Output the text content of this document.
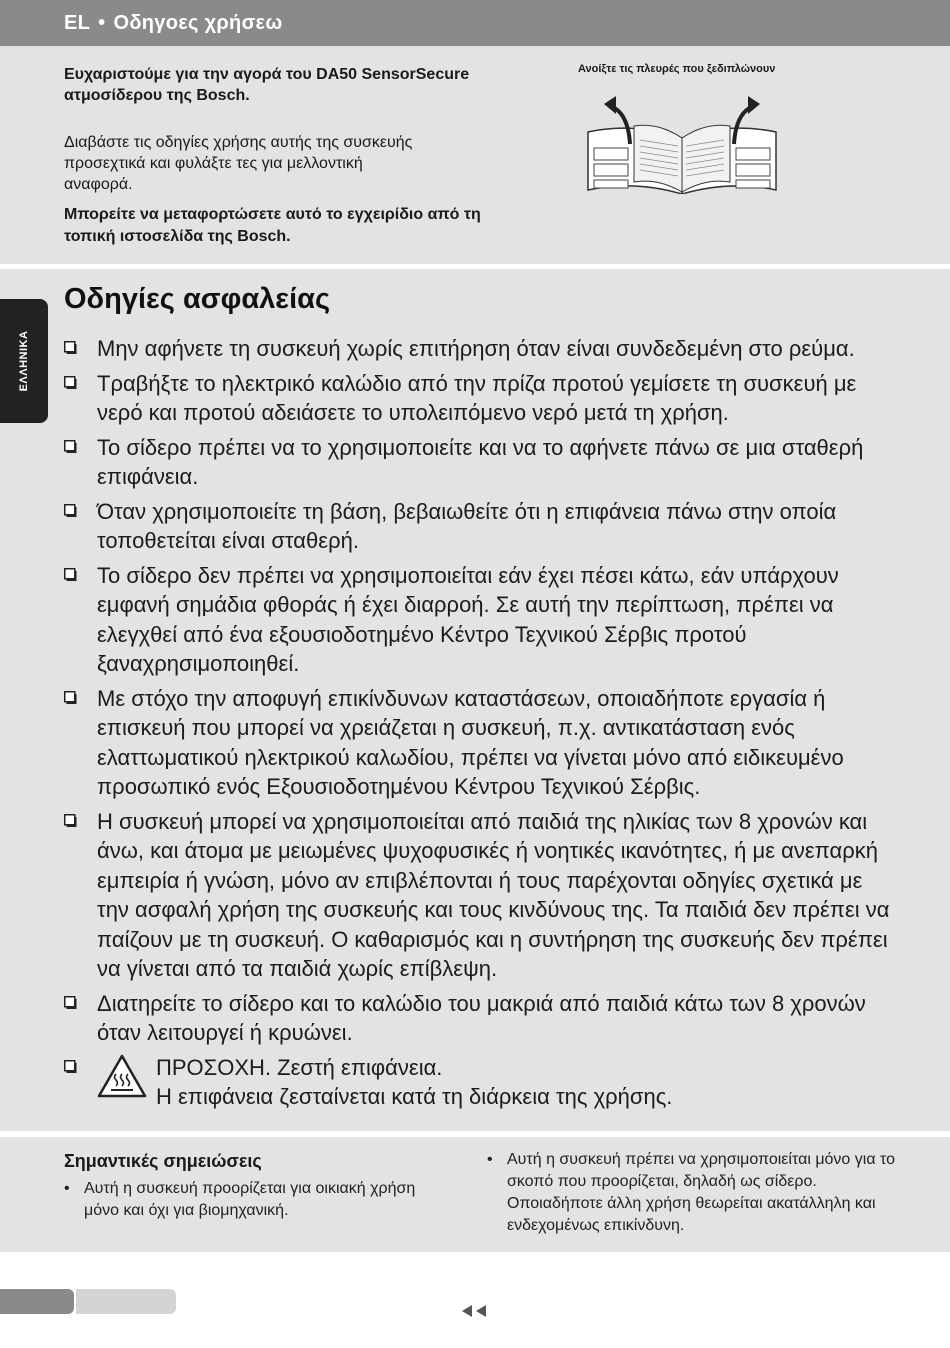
EL • Οδηγοες χρήσεω

Ευχαριστούμε για την αγορά του DA50 SensorSecure ατμοσίδερου της Bosch.

Διαβάστε τις οδηγίες χρήσης αυτής της συσκευής προσεχτικά και φυλάξτε τες για μελλοντική αναφορά.

Μπορείτε να μεταφορτώσετε αυτό το εγχειρίδιο από τη τοπική ιστοσελίδα της Bosch.

Ανοίξτε τις πλευρές που ξεδιπλώνουν

ΕΛΛΗΝΙΚΑ
Οδηγίες ασφαλείας
Μην αφήνετε τη συσκευή χωρίς επιτήρηση όταν είναι συνδεδεμένη στο ρεύμα.
Τραβήξτε το ηλεκτρικό καλώδιο από την πρίζα προτού γεμίσετε τη συσκευή με νερό και προτού αδειάσετε το υπολειπόμενο νερό μετά τη χρήση.
Το σίδερο πρέπει να το χρησιμοποιείτε και να το αφήνετε πάνω σε μια σταθερή επιφάνεια.
Όταν χρησιμοποιείτε τη βάση, βεβαιωθείτε ότι η επιφάνεια πάνω στην οποία τοποθετείται είναι σταθερή.
Το σίδερο δεν πρέπει να χρησιμοποιείται εάν έχει πέσει κάτω, εάν υπάρχουν εμφανή σημάδια φθοράς ή έχει διαρροή. Σε αυτή την περίπτωση, πρέπει να ελεγχθεί από ένα εξουσιοδοτημένο Κέντρο Τεχνικού Σέρβις προτού ξαναχρησιμοποιηθεί.
Με στόχο την αποφυγή επικίνδυνων καταστάσεων, οποιαδήποτε εργασία ή επισκευή που μπορεί να χρειάζεται η συσκευή, π.χ. αντικατάσταση ενός ελαττωματικού ηλεκτρικού καλωδίου, πρέπει να γίνεται μόνο από ειδικευμένο προσωπικό ενός Εξουσιοδοτημένου Κέντρου Τεχνικού Σέρβις.
Η συσκευή μπορεί να χρησιμοποιείται από παιδιά της ηλικίας των 8 χρονών και άνω, και άτομα με μειωμένες ψυχοφυσικές ή νοητικές ικανότητες, ή με ανεπαρκή εμπειρία ή γνώση, μόνο αν επιβλέπονται ή τους παρέχονται οδηγίες σχετικά με την ασφαλή χρήση της συσκευής και τους κινδύνους της. Τα παιδιά δεν πρέπει να παίζουν με τη συσκευή. Ο καθαρισμός και η συντήρηση της συσκευής δεν πρέπει να γίνεται από τα παιδιά χωρίς επίβλεψη.
Διατηρείτε το σίδερο και το καλώδιο του μακριά από παιδιά κάτω των 8 χρονών όταν λειτουργεί ή κρυώνει.
ΠΡΟΣΟΧΗ. Ζεστή επιφάνεια.
Η επιφάνεια ζεσταίνεται κατά τη διάρκεια της χρήσης.
Σημαντικές σημειώσεις
• Αυτή η συσκευή προορίζεται για οικιακή χρήση μόνο και όχι για βιομηχανική.
• Αυτή η συσκευή πρέπει να χρησιμοποιείται μόνο για το σκοπό που προορίζεται, δηλαδή ως σίδερο. Οποιαδήποτε άλλη χρήση θεωρείται ακατάλληλη και ενδεχομένως επικίνδυνη.
